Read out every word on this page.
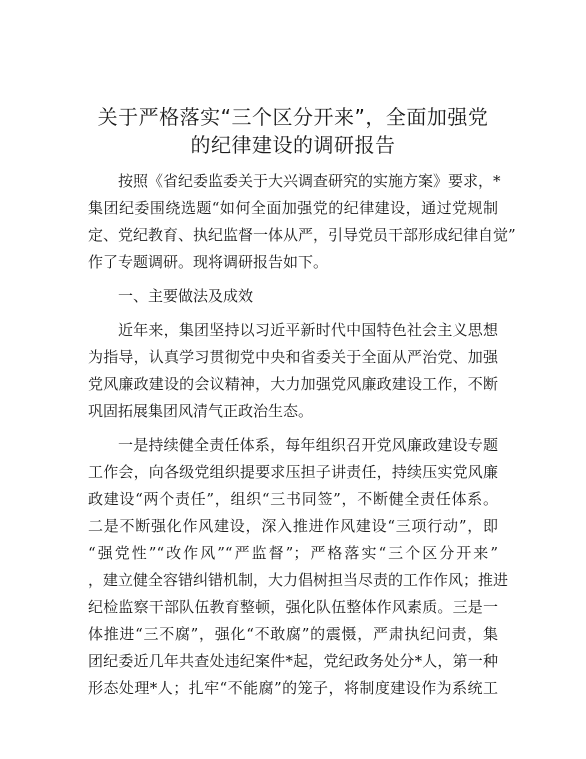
关于严格落实“三个区分开来”，全面加强党
的纪律建设的调研报告
按照《省纪委监委关于大兴调查研究的实施方案》要求，*
集团纪委围绕选题“如何全面加强党的纪律建设，通过党规制
定、党纪教育、执纪监督一体从严，引导党员干部形成纪律自觉”
作了专题调研。现将调研报告如下。
一、主要做法及成效
近年来，集团坚持以习近平新时代中国特色社会主义思想
为指导，认真学习贯彻党中央和省委关于全面从严治党、加强
党风廉政建设的会议精神，大力加强党风廉政建设工作，不断
巩固拓展集团风清气正政治生态。
一是持续健全责任体系，每年组织召开党风廉政建设专题
工作会，向各级党组织提要求压担子讲责任，持续压实党风廉
政建设“两个责任”，组织“三书同签”，不断健全责任体系。
二是不断强化作风建设，深入推进作风建设“三项行动”，即
“强党性”“改作风”“严监督”；严格落实“三个区分开来”
，建立健全容错纠错机制，大力倡树担当尽责的工作作风；推进
纪检监察干部队伍教育整顿，强化队伍整体作风素质。三是一
体推进“三不腐”，强化“不敢腐”的震慑，严肃执纪问责，集
团纪委近几年共查处违纪案件*起，党纪政务处分*人，第一种
形态处理*人；扎牢“不能腐”的笼子，将制度建设作为系统工
